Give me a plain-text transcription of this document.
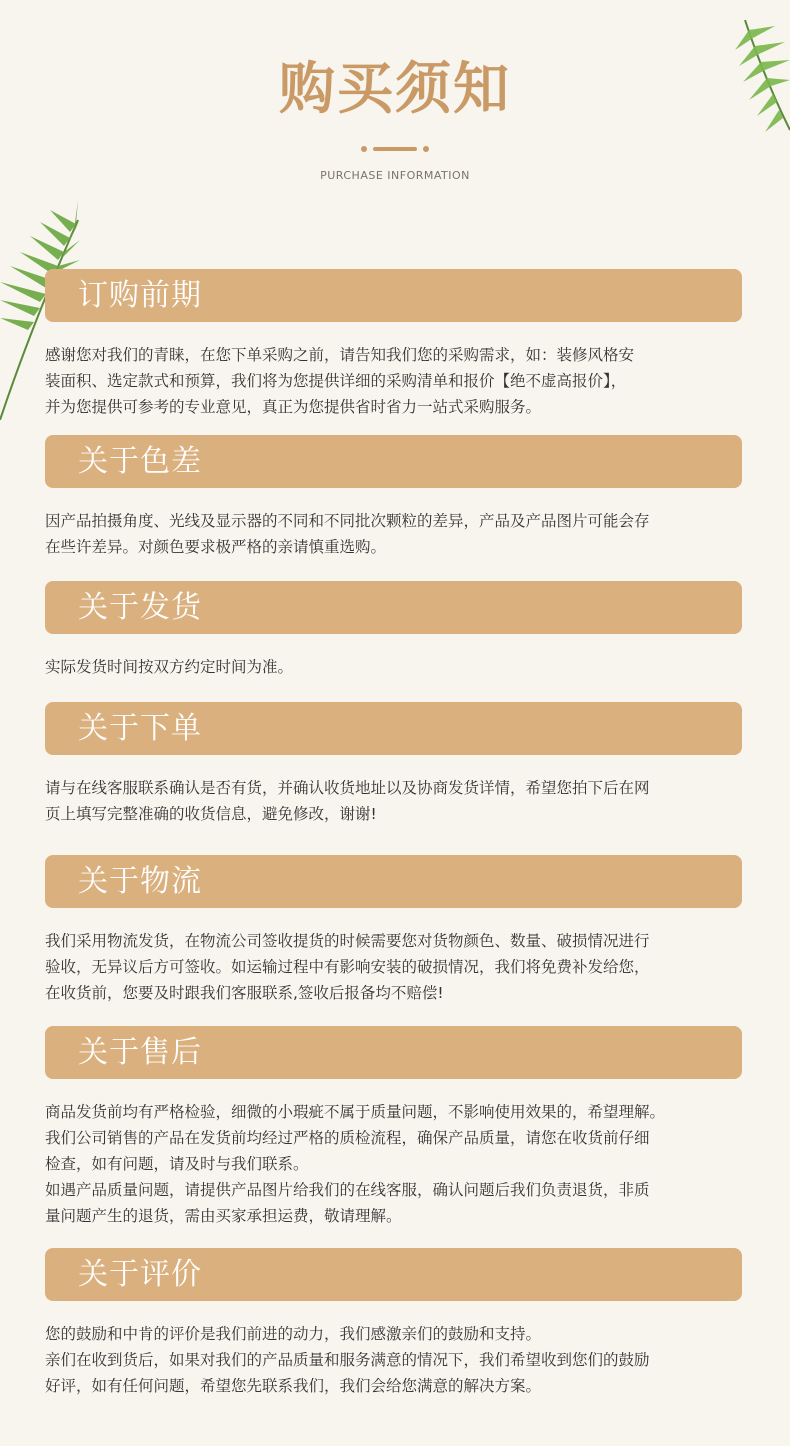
购买须知
PURCHASE INFORMATION
订购前期

感谢您对我们的青睐，在您下单采购之前，请告知我们您的采购需求，如：装修风格安

装面积、选定款式和预算，我们将为您提供详细的采购清单和报价【绝不虚高报价】，

并为您提供可参考的专业意见，真正为您提供省时省力一站式采购服务。

关于色差

因产品拍摄角度、光线及显示器的不同和不同批次颗粒的差异，产品及产品图片可能会存

在些许差异。对颜色要求极严格的亲请慎重选购。

关于发货

实际发货时间按双方约定时间为准。

关于下单

请与在线客服联系确认是否有货，并确认收货地址以及协商发货详情，希望您拍下后在网

页上填写完整准确的收货信息，避免修改，谢谢!

关于物流

我们采用物流发货，在物流公司签收提货的时候需要您对货物颜色、数量、破损情况进行

验收，无异议后方可签收。如运输过程中有影响安装的破损情况，我们将免费补发给您，

在收货前，您要及时跟我们客服联系,签收后报备均不赔偿!

关于售后

商品发货前均有严格检验，细微的小瑕疵不属于质量问题，不影响使用效果的，希望理解。

我们公司销售的产品在发货前均经过严格的质检流程，确保产品质量，请您在收货前仔细

检查，如有问题，请及时与我们联系。

如遇产品质量问题，请提供产品图片给我们的在线客服，确认问题后我们负责退货，非质

量问题产生的退货，需由买家承担运费，敬请理解。

关于评价

您的鼓励和中肯的评价是我们前进的动力，我们感激亲们的鼓励和支持。

亲们在收到货后，如果对我们的产品质量和服务满意的情况下，我们希望收到您们的鼓励

好评，如有任何问题，希望您先联系我们，我们会给您满意的解决方案。
